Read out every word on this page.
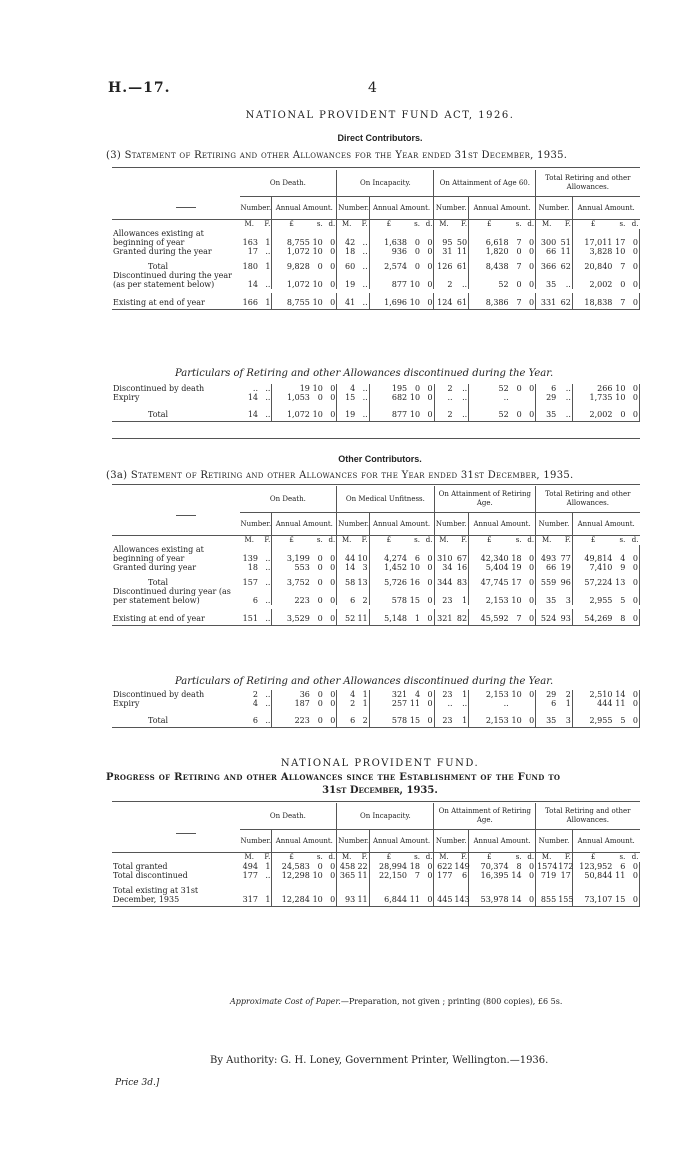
H.—17.	4
NATIONAL PROVIDENT FUND ACT, 1926.
Direct Contributors.
(3) Statement of Retiring and other Allowances for the Year ended 31st December, 1935.
	On Death.					On Incapacity.					On Attainment of Age 60.					Total Retiring and other Allowances.				
	Number.		Annual Amount.			Number.		Annual Amount.			Number.		Annual Amount.			Number.		Annual Amount.		
	M.	F.	£	s.	d.	M.	F.	£	s.	d.	M.	F.	£	s.	d.	M.	F.	£	s.	d.
Allowances existing at beginning of year	163	1	8,755	10	0	42	..	1,638	0	0	95	50	6,618	7	0	300	51	17,011	17	0
Granted during the year	17	..	1,072	10	0	18	..	936	0	0	31	11	1,820	0	0	66	11	3,828	10	0
Total	180	1	9,828	0	0	60	..	2,574	0	0	126	61	8,438	7	0	366	62	20,840	7	0
Discontinued during the year (as per statement below)	14	..	1,072	10	0	19	..	877	10	0	2	..	52	0	0	35	..	2,002	0	0

Existing at end of year	166	1	8,755	10	0	41	..	1,696	10	0	124	61	8,386	7	0	331	62	18,838	7	0
Particulars of Retiring and other Allowances discontinued during the Year.
Discontinued by death	..	..	19	10	0	4	..	195	0	0	2	..	52	0	0	6	..	266	10	0
Expiry	14	..	1,053	0	0	15	..	682	10	0	..	..	..			29	..	1,735	10	0
Total	14	..	1,072	10	0	19	..	877	10	0	2	..	52	0	0	35	..	2,002	0	0
Other Contributors.
(3a) Statement of Retiring and other Allowances for the Year ended 31st December, 1935.
	On Death.					On Medical Unfitness.					On Attainment of Retiring Age.					Total Retiring and other Allowances.				
	Number.		Annual Amount.			Number.		Annual Amount.			Number.		Annual Amount.			Number.		Annual Amount.		
	M.	F.	£	s.	d.	M.	F.	£	s.	d.	M.	F.	£	s.	d.	M.	F.	£	s.	d.
Allowances existing at beginning of year	139	..	3,199	0	0	44	10	4,274	6	0	310	67	42,340	18	0	493	77	49,814	4	0
Granted during year	18	..	553	0	0	14	3	1,452	10	0	34	16	5,404	19	0	66	19	7,410	9	0
Total	157	..	3,752	0	0	58	13	5,726	16	0	344	83	47,745	17	0	559	96	57,224	13	0
Discontinued during year (as per statement below)	6	..	223	0	0	6	2	578	15	0	23	1	2,153	10	0	35	3	2,955	5	0

Existing at end of year	151	..	3,529	0	0	52	11	5,148	1	0	321	82	45,592	7	0	524	93	54,269	8	0
Particulars of Retiring and other Allowances discontinued during the Year.
Discontinued by death	2	..	36	0	0	4	1	321	4	0	23	1	2,153	10	0	29	2	2,510	14	0
Expiry	4	..	187	0	0	2	1	257	11	0	..	..	..			6	1	444	11	0
Total	6	..	223	0	0	6	2	578	15	0	23	1	2,153	10	0	35	3	2,955	5	0
NATIONAL PROVIDENT FUND.
Progress of Retiring and other Allowances since the Establishment of the Fund to
31st December, 1935.
	On Death.					On Incapacity.					On Attainment of Retiring Age.					Total Retiring and other Allowances.				
	Number.		Annual Amount.			Number.		Annual Amount.			Number.		Annual Amount.			Number.		Annual Amount.		
	M.	F.	£	s.	d.	M.	F.	£	s.	d.	M.	F.	£	s.	d.	M.	F.	£	s.	d.
Total granted	494	1	24,583	0	0	458	22	28,994	18	0	622	149	70,374	8	0	1574	172	123,952	6	0
Total discontinued	177	..	12,298	10	0	365	11	22,150	7	0	177	6	16,395	14	0	719	17	50,844	11	0
Total existing at 31st December, 1935	317	1	12,284	10	0	93	11	6,844	11	0	445	143	53,978	14	0	855	155	73,107	15	0
Approximate Cost of Paper.—Preparation, not given ; printing (800 copies), £6 5s.
By Authority: G. H. Loney, Government Printer, Wellington.—1936.
Price 3d.]
